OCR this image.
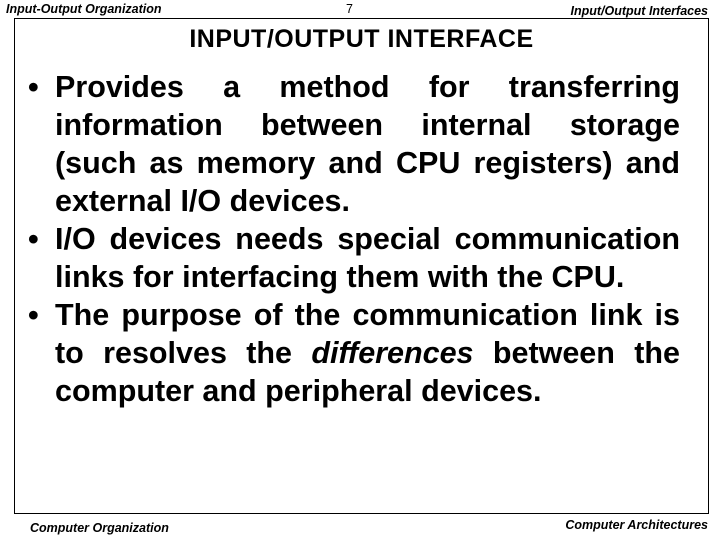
Input-Output Organization	7	Input/Output Interfaces
INPUT/OUTPUT INTERFACE
• Provides a method for transferring information between internal storage (such as memory and CPU registers) and external I/O devices.
• I/O devices needs special communication links for interfacing them with the CPU.
• The purpose of the communication link is to resolves the differences between the computer and peripheral devices.
Computer Organization	Computer Architectures
